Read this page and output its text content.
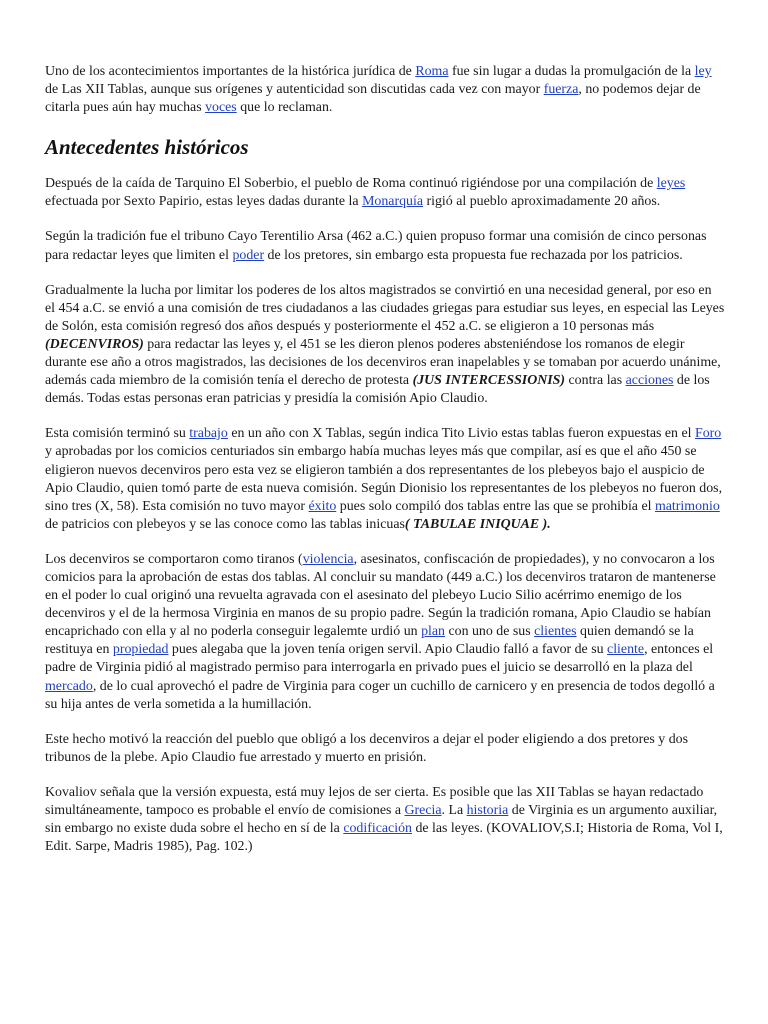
Uno de los acontecimientos importantes de la histórica jurídica de Roma fue sin lugar a dudas la promulgación de la ley de Las XII Tablas, aunque sus orígenes y autenticidad son discutidas cada vez con mayor fuerza, no podemos dejar de citarla pues aún hay muchas voces que lo reclaman.

Antecedentes históricos

Después de la caída de Tarquino El Soberbio, el pueblo de Roma continuó rigiéndose por una compilación de leyes efectuada por Sexto Papirio, estas leyes dadas durante la Monarquía rigió al pueblo aproximadamente 20 años.

Según la tradición fue el tribuno Cayo Terentilio Arsa (462 a.C.) quien propuso formar una comisión de cinco personas para redactar leyes que limiten el poder de los pretores, sin embargo esta propuesta fue rechazada por los patricios.

Gradualmente la lucha por limitar los poderes de los altos magistrados se convirtió en una necesidad general, por eso en el 454 a.C. se envió a una comisión de tres ciudadanos a las ciudades griegas para estudiar sus leyes, en especial las Leyes de Solón, esta comisión regresó dos años después y posteriormente el 452 a.C. se eligieron a 10 personas más (DECENVIROS) para redactar las leyes y, el 451 se les dieron plenos poderes absteniéndose los romanos de elegir durante ese año a otros magistrados, las decisiones de los decenviros eran inapelables y se tomaban por acuerdo unánime, además cada miembro de la comisión tenía el derecho de protesta (JUS INTERCESSIONIS) contra las acciones de los demás. Todas estas personas eran patricias y presidía la comisión Apio Claudio.

Esta comisión terminó su trabajo en un año con X Tablas, según indica Tito Livio estas tablas fueron expuestas en el Foro y aprobadas por los comicios centuriados sin embargo había muchas leyes más que compilar, así es que el año 450 se eligieron nuevos decenviros pero esta vez se eligieron también a dos representantes de los plebeyos bajo el auspicio de Apio Claudio, quien tomó parte de esta nueva comisión. Según Dionisio los representantes de los plebeyos no fueron dos, sino tres (X, 58). Esta comisión no tuvo mayor éxito pues solo compiló dos tablas entre las que se prohibía el matrimonio de patricios con plebeyos y se las conoce como las tablas inicuas( TABULAE INIQUAE ).

Los decenviros se comportaron como tiranos (violencia, asesinatos, confiscación de propiedades), y no convocaron a los comicios para la aprobación de estas dos tablas. Al concluir su mandato (449 a.C.) los decenviros trataron de mantenerse en el poder lo cual originó una revuelta agravada con el asesinato del plebeyo Lucio Silio acérrimo enemigo de los decenviros y el de la hermosa Virginia en manos de su propio padre. Según la tradición romana, Apio Claudio se habían encaprichado con ella y al no poderla conseguir legalemte urdió un plan con uno de sus clientes quien demandó se la restituya en propiedad pues alegaba que la joven tenía origen servil. Apio Claudio falló a favor de su cliente, entonces el padre de Virginia pidió al magistrado permiso para interrogarla en privado pues el juicio se desarrolló en la plaza del mercado, de lo cual aprovechó el padre de Virginia para coger un cuchillo de carnicero y en presencia de todos degolló a su hija antes de verla sometida a la humillación.

Este hecho motivó la reacción del pueblo que obligó a los decenviros a dejar el poder eligiendo a dos pretores y dos tribunos de la plebe. Apio Claudio fue arrestado y muerto en prisión.

Kovaliov señala que la versión expuesta, está muy lejos de ser cierta. Es posible que las XII Tablas se hayan redactado simultáneamente, tampoco es probable el envío de comisiones a Grecia. La historia de Virginia es un argumento auxiliar, sin embargo no existe duda sobre el hecho en sí de la codificación de las leyes. (KOVALIOV,S.I; Historia de Roma, Vol I, Edit. Sarpe, Madris 1985), Pag. 102.)
